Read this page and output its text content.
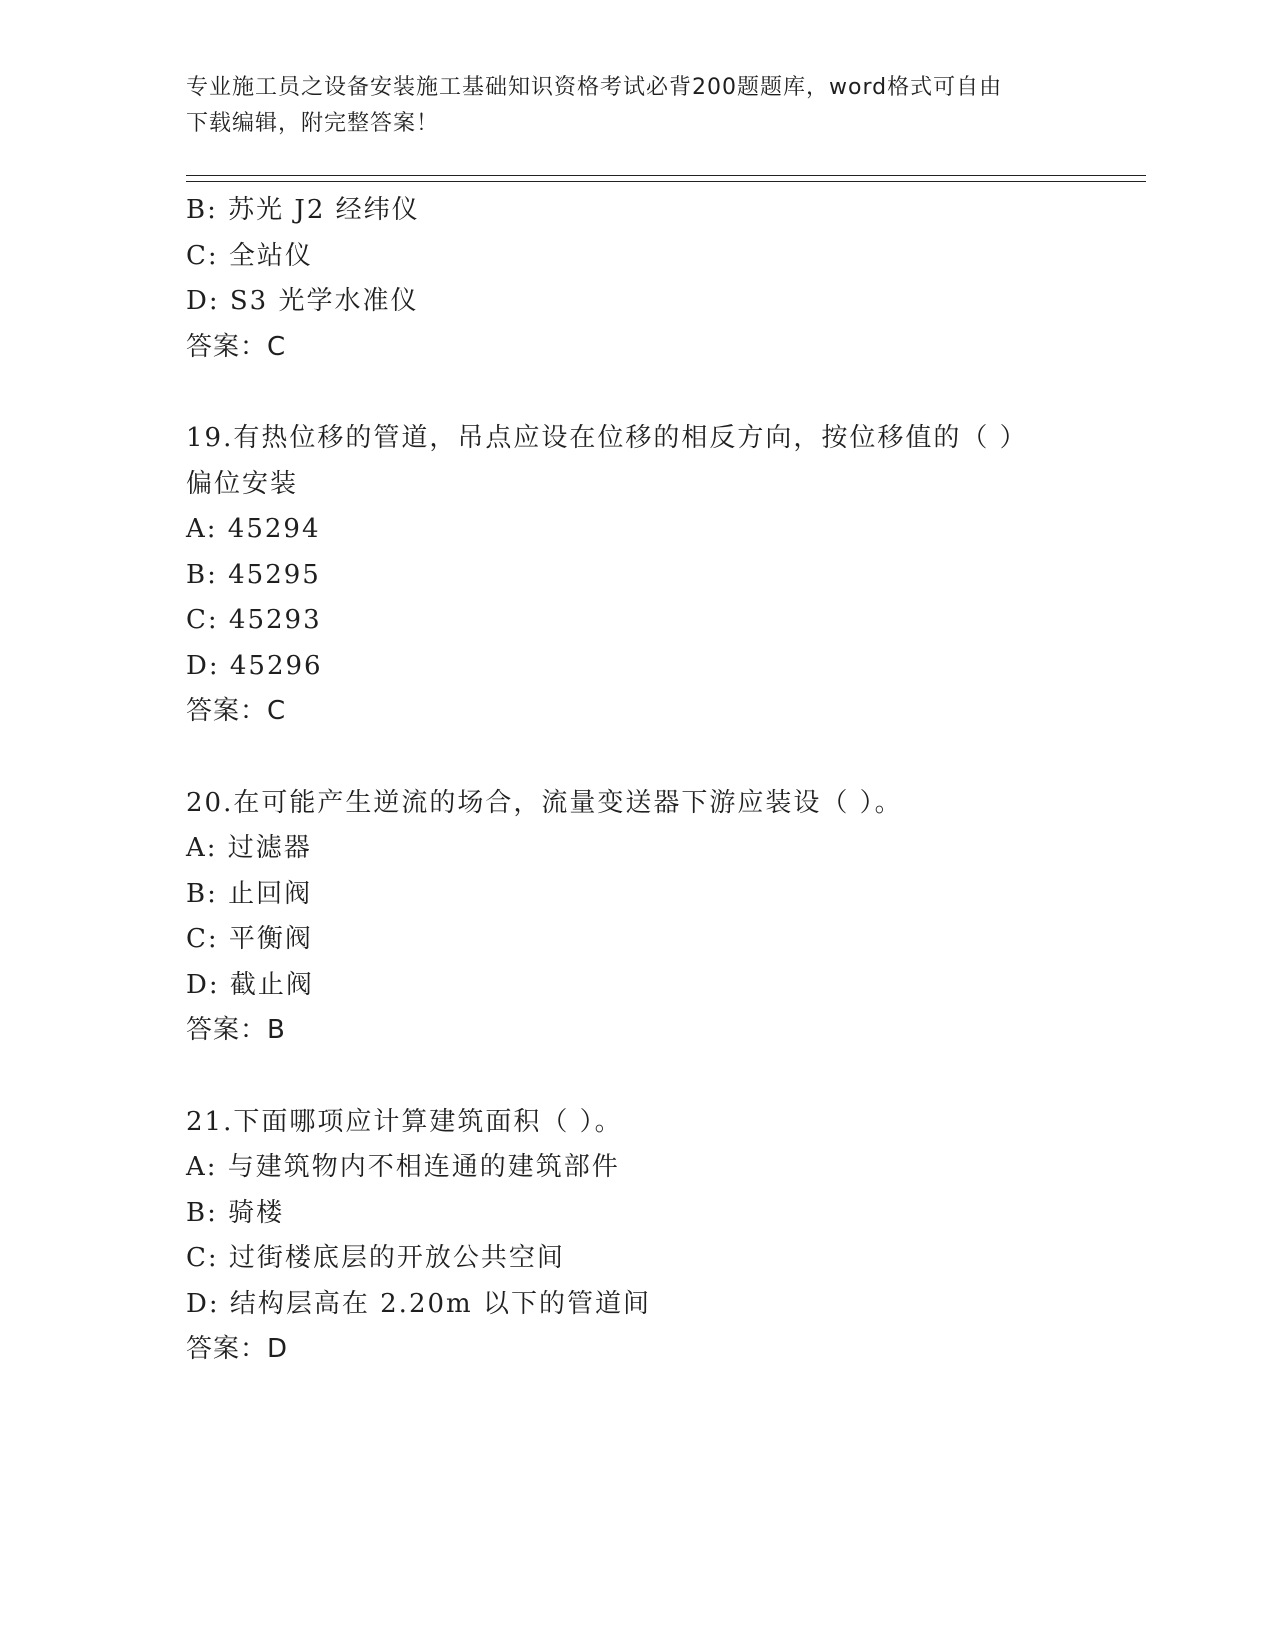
专业施工员之设备安装施工基础知识资格考试必背200题题库，word格式可自由
下载编辑，附完整答案！
B: 苏光 J2 经纬仪
C: 全站仪
D: S3 光学水准仪
答案：C
19.有热位移的管道，吊点应设在位移的相反方向，按位移值的（ ）
偏位安装
A: 45294
B: 45295
C: 45293
D: 45296
答案：C
20.在可能产生逆流的场合，流量变送器下游应装设（ ）。
A: 过滤器
B: 止回阀
C: 平衡阀
D: 截止阀
答案：B
21.下面哪项应计算建筑面积（ ）。
A: 与建筑物内不相连通的建筑部件
B: 骑楼
C: 过街楼底层的开放公共空间
D: 结构层高在 2.20m 以下的管道间
答案：D
